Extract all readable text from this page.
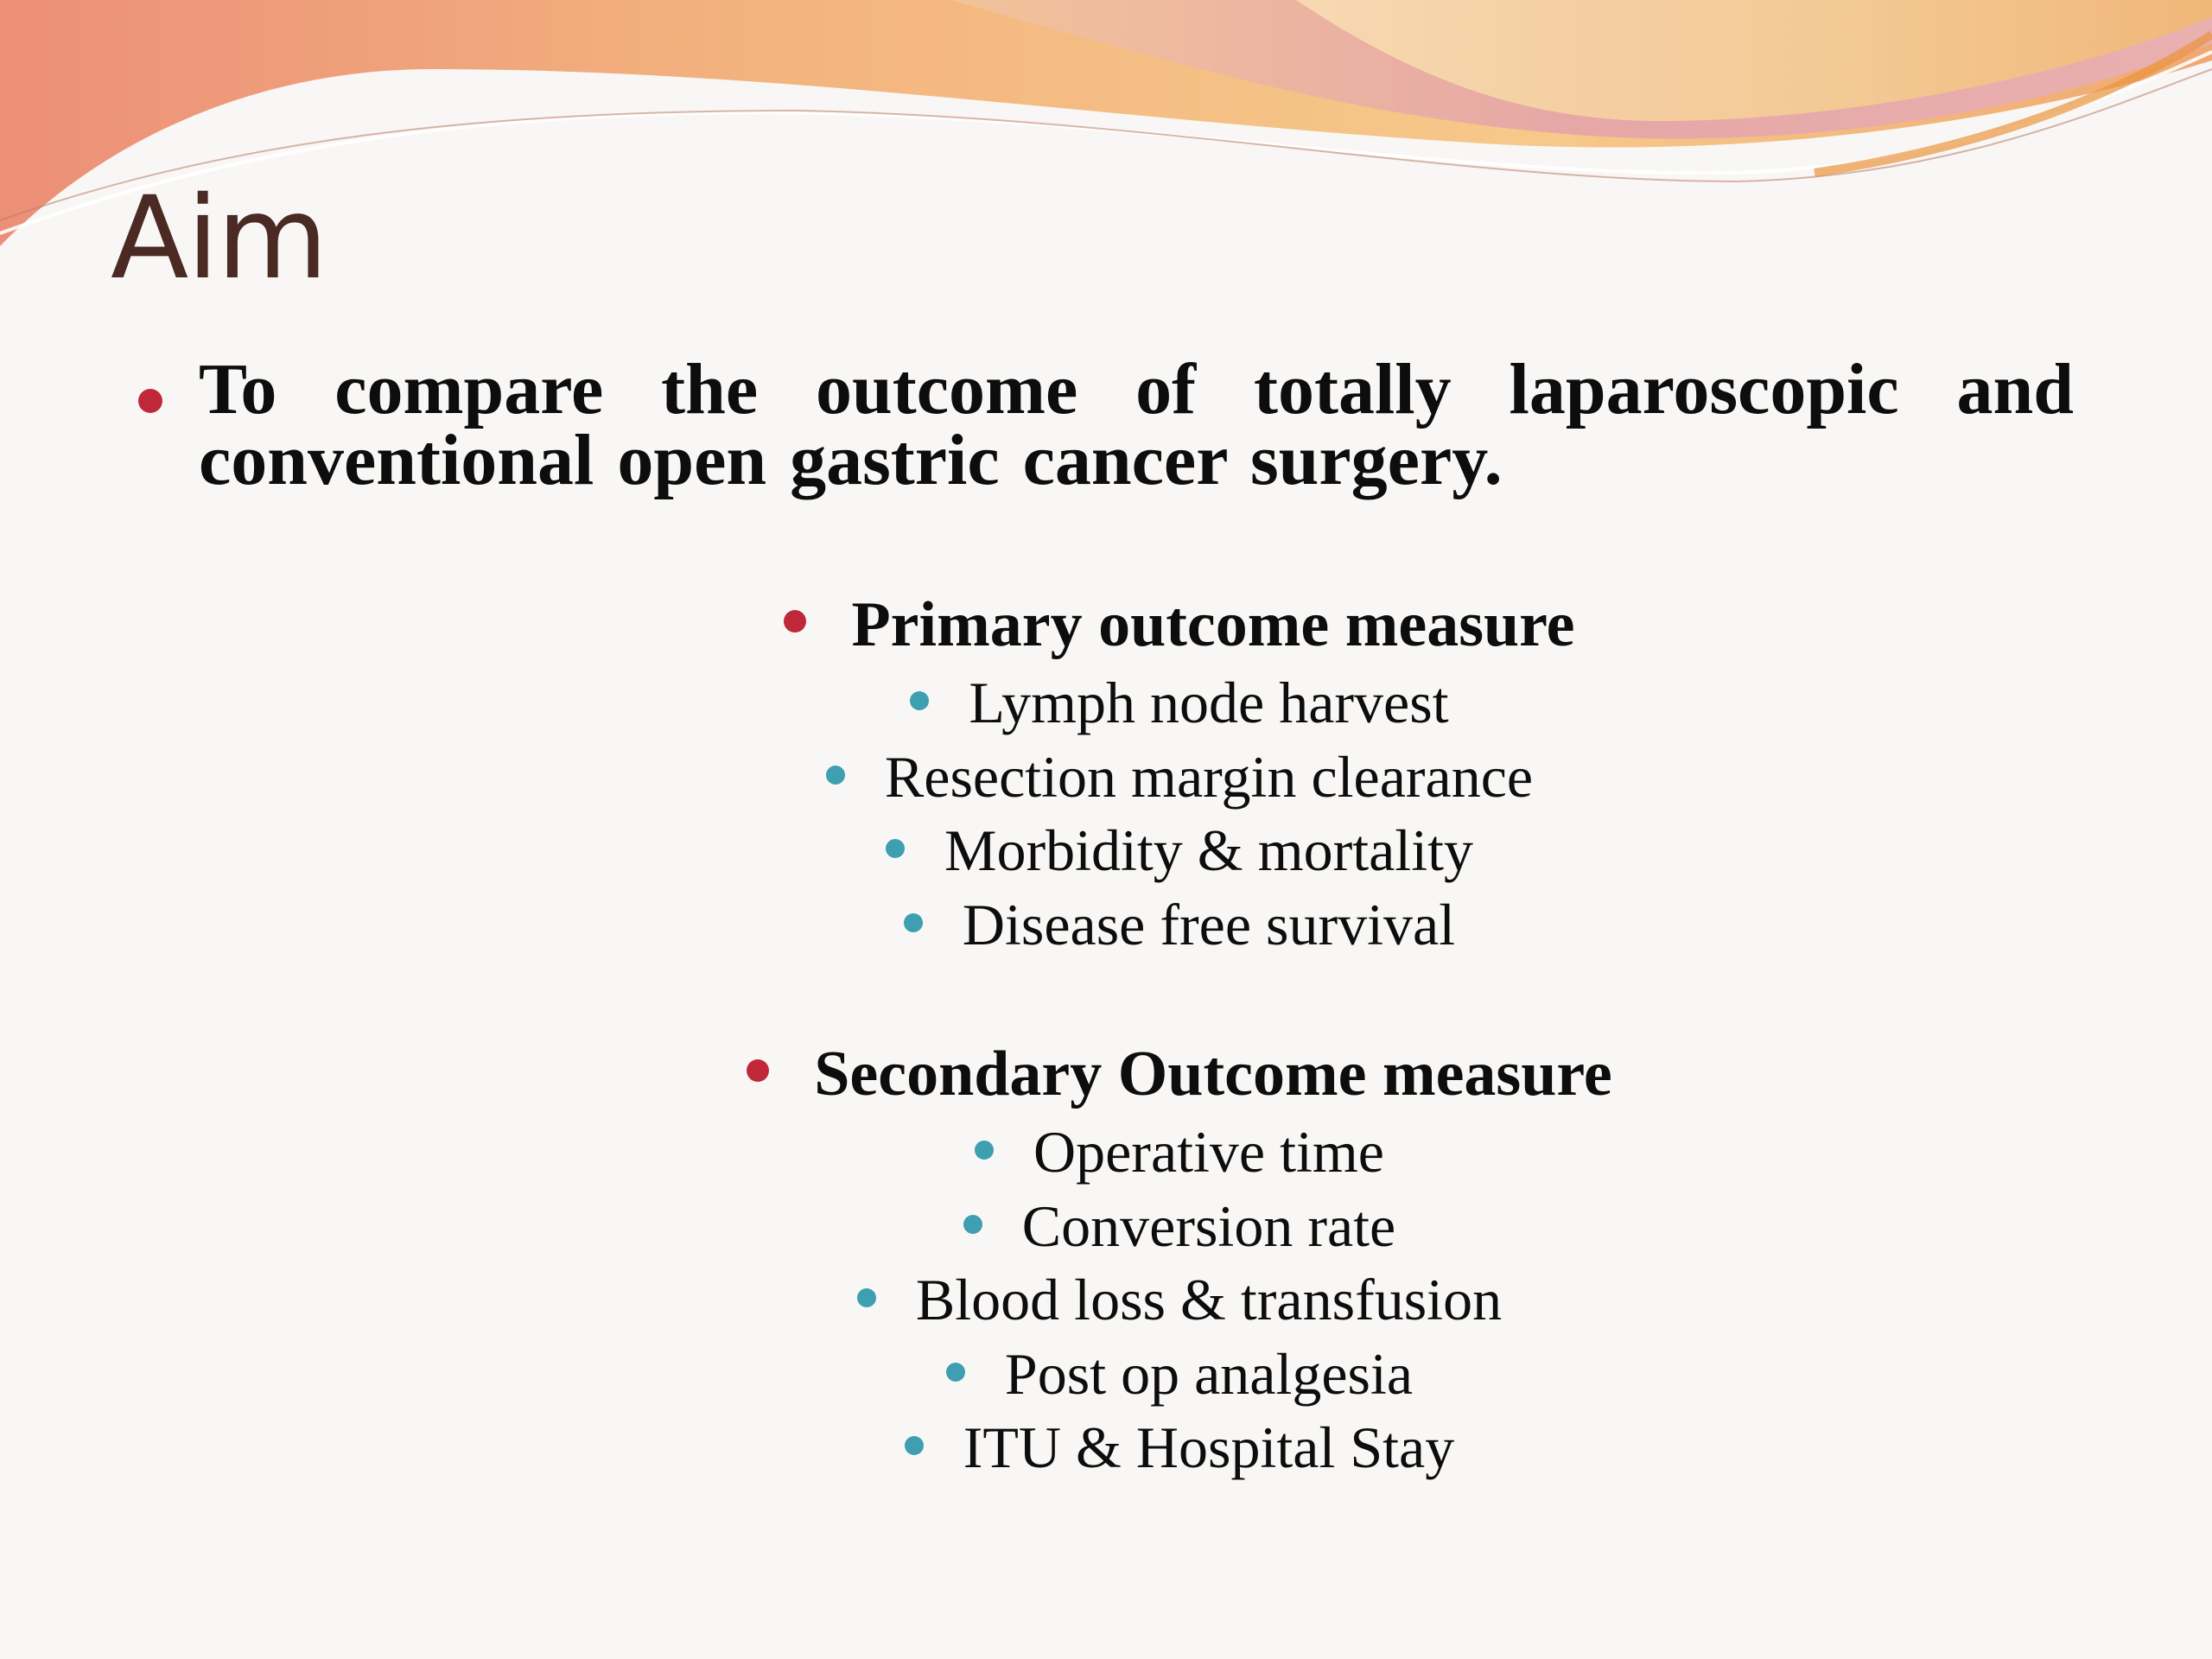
Aim

To compare the outcome of totally laparoscopic and conventional open gastric cancer surgery.

Primary outcome measure
Lymph node harvest
Resection margin clearance
Morbidity & mortality
Disease free survival
Secondary Outcome measure
Operative time
Conversion rate
Blood loss & transfusion
Post op analgesia
ITU & Hospital Stay
